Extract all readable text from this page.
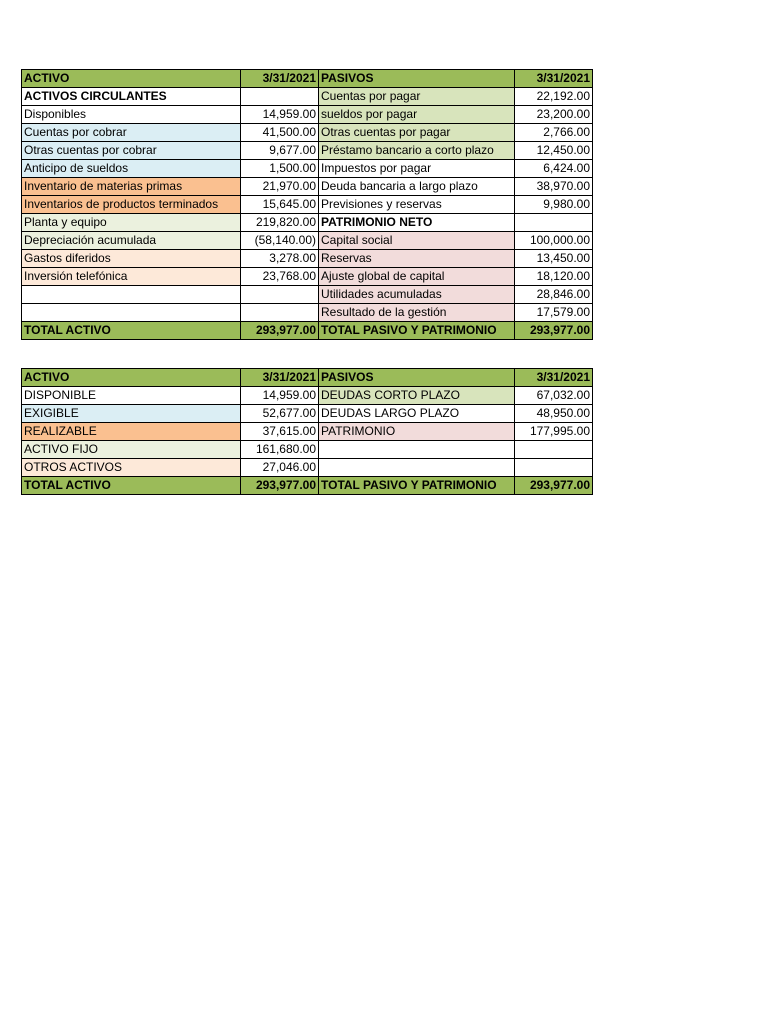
ACTIVO	3/31/2021	PASIVOS	3/31/2021
ACTIVOS CIRCULANTES		Cuentas por pagar	22,192.00
Disponibles	14,959.00	sueldos por pagar	23,200.00
Cuentas por cobrar	41,500.00	Otras cuentas por pagar	2,766.00
Otras cuentas por cobrar	9,677.00	Préstamo bancario a corto plazo	12,450.00
Anticipo de sueldos	1,500.00	Impuestos por pagar	6,424.00
Inventario de materias primas	21,970.00	Deuda bancaria a largo plazo	38,970.00
Inventarios de productos terminados	15,645.00	Previsiones y reservas	9,980.00
Planta y equipo	219,820.00	PATRIMONIO NETO	
Depreciación acumulada	(58,140.00)	Capital social	100,000.00
Gastos diferidos	3,278.00	Reservas	13,450.00
Inversión telefónica	23,768.00	Ajuste global de capital	18,120.00
		Utilidades acumuladas	28,846.00
		Resultado de la gestión	17,579.00
TOTAL ACTIVO	293,977.00	TOTAL PASIVO Y PATRIMONIO	293,977.00
ACTIVO	3/31/2021	PASIVOS	3/31/2021
DISPONIBLE	14,959.00	DEUDAS CORTO PLAZO	67,032.00
EXIGIBLE	52,677.00	DEUDAS LARGO PLAZO	48,950.00
REALIZABLE	37,615.00	PATRIMONIO	177,995.00
ACTIVO FIJO	161,680.00		
OTROS ACTIVOS	27,046.00		
TOTAL ACTIVO	293,977.00	TOTAL PASIVO Y PATRIMONIO	293,977.00
